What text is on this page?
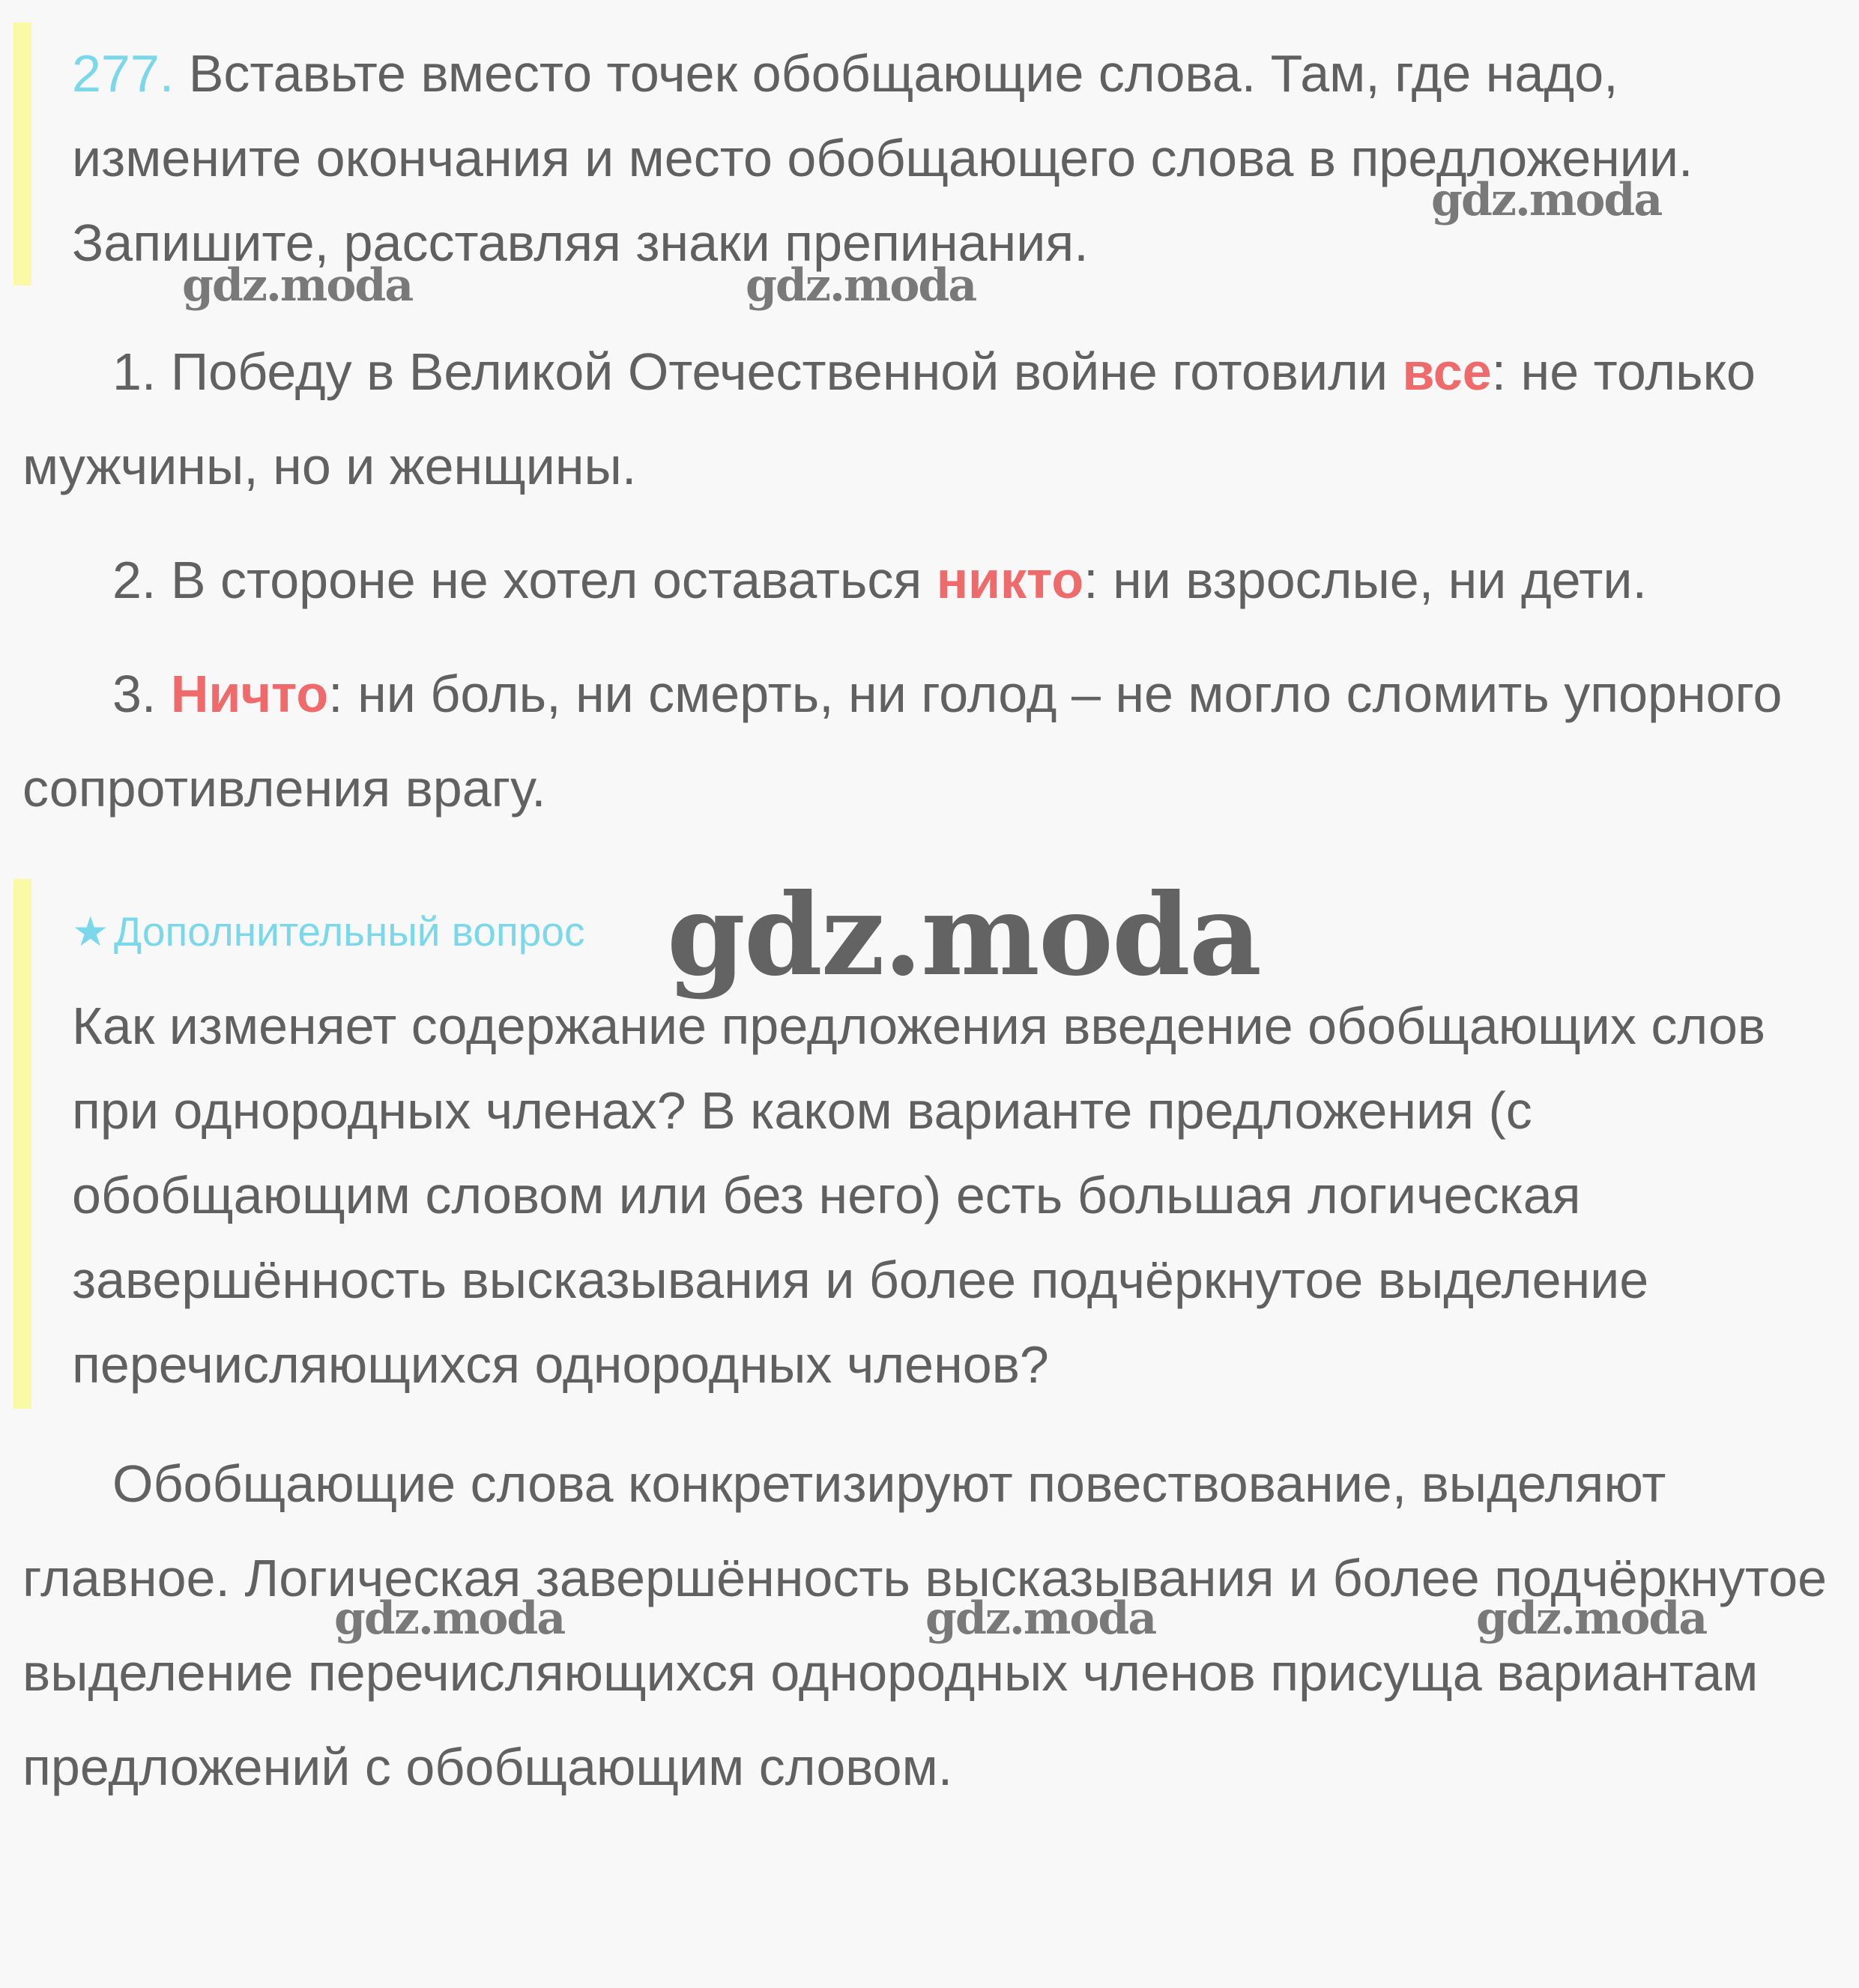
277. Вставьте вместо точек обобщающие слова. Там, где надо, измените окончания и место обобщающего слова в предложении. Запишите, расставляя знаки препинания.

1. Победу в Великой Отечественной войне готовили все: не только мужчины, но и женщины.

2. В стороне не хотел оставаться никто: ни взрослые, ни дети.

3. Ничто: ни боль, ни смерть, ни голод – не могло сломить упорного сопротивления врагу.

★ Дополнительный вопрос

Как изменяет содержание предложения введение обобщающих слов при однородных членах? В каком варианте предложения (с обобщающим словом или без него) есть большая логическая завершённость высказывания и более подчёркнутое выделение перечисляющихся однородных членов?

Обобщающие слова конкретизируют повествование, выделяют главное. Логическая завершённость высказывания и более подчёркнутое выделение перечисляющихся однородных членов присуща вариантам предложений с обобщающим словом.

gdz.moda
gdz.moda	gdz.moda
gdz.moda
gdz.moda	gdz.moda	gdz.moda
